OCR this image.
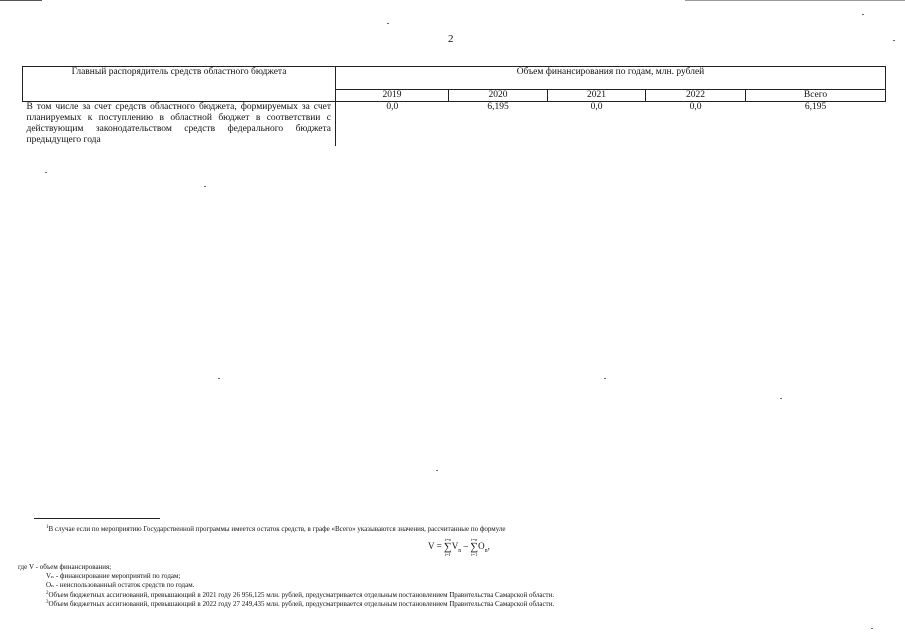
2
Главный распорядитель средств областного бюджета	Объем финансирования по годам, млн. рублей				
	2019	2020	2021	2022	Всего
В том числе за счет средств областного бюджета, формируемых за счет планируемых к поступлению в областной бюджет в соответствии с действующим законодательством средств федерального бюджета предыдущего года	0,0	6,195	0,0	0,0	6,195
$^1$В случае если по мероприятию Государственной программы имеется остаток средств, в графе «Всего» указываются значения, рассчитанные по формуле
V =
i=n
∑
i=1
$V_n$ –
i=n
∑
i=1
$O_n$,
где V - объем финансирования;
Vₙ - финансирование мероприятий по годам;
Oₙ - неиспользованный остаток средств по годам.
$^2$Объем бюджетных ассигнований, превышающий в 2021 году 26 956,125 млн. рублей, предусматривается отдельным постановлением Правительства Самарской области.
$^3$Объем бюджетных ассигнований, превышающий в 2022 году 27 249,435 млн. рублей, предусматривается отдельным постановлением Правительства Самарской области.
